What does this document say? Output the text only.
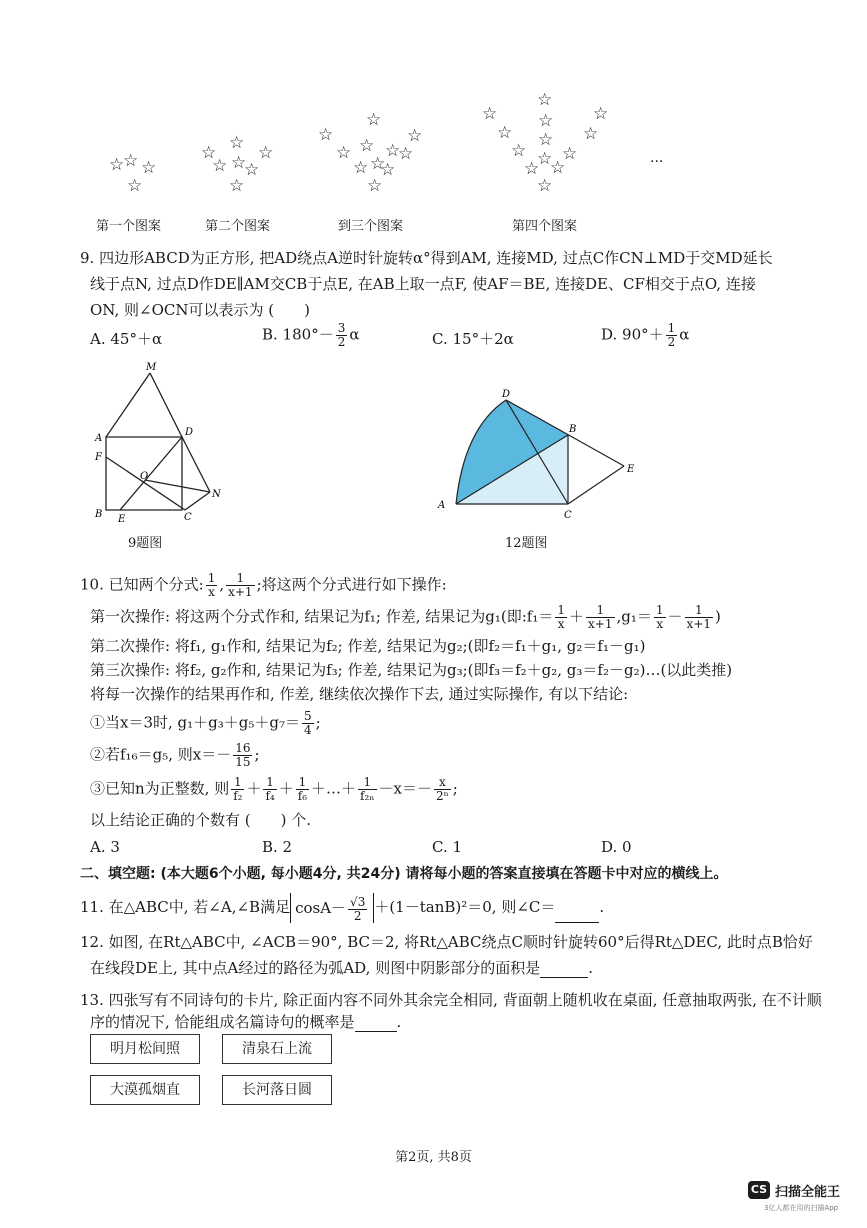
☆
☆ ☆
☆
☆ ☆ ☆
☆ ☆
☆
☆
☆
☆
☆
☆ ☆ ☆
☆
☆ ☆
☆
☆
☆
☆
☆
☆
☆
☆
☆
☆
☆
☆
☆
☆
☆
第一个图案	第二个图案	到三个图案	第四个图案
...
9. 四边形ABCD为正方形, 把AD绕点A逆时针旋转α°得到AM, 连接MD, 过点C作CN⊥MD于交MD延长
线于点N, 过点D作DE∥AM交CB于点E, 在AB上取一点F, 使AF＝BE, 连接DE、CF相交于点O, 连接
ON, 则∠OCN可以表示为 (　　)
A. 45°＋α	B. $180^\circ- \frac{3}{2}$ α	C. 15°＋2α	D. $90^\circ+ \frac{1}{2}$ α
M
A
D
F
O
N
B E	C
9题图
D
B
E
A
C
12题图
10. 已知两个分式: $\frac{1}{x}$ , $\frac{1}{x+1}$ ;将这两个分式进行如下操作:
第一次操作: 将这两个分式作和, 结果记为f₁; 作差, 结果记为g₁(即:f₁＝ $\frac{1}{x} + \frac{1}{x+1} ,g_1= \frac{1}{x} - \frac{1}{x+1}$ )
第二次操作: 将f₁, g₁作和, 结果记为f₂; 作差, 结果记为g₂;(即f₂＝f₁＋g₁, g₂＝f₁－g₁)
第三次操作: 将f₂, g₂作和, 结果记为f₃; 作差, 结果记为g₃;(即f₃＝f₂＋g₂, g₃＝f₂－g₂)…(以此类推)
将每一次操作的结果再作和, 作差, 继续依次操作下去, 通过实际操作, 有以下结论:
①当x＝3时, $g_1+g_3+g_5+g_7= \frac{5}{4}$ ;
②若f₁₆＝g₅, 则$x=- \frac{16}{15}$ ;
③已知n为正整数, 则 $\frac{1}{\text{f₂}} + \frac{1}{\text{f₄}} + \frac{1}{\text{f₆}}$ ＋…＋ $\frac{1}{\text{f₂ₙ}} -x=- \frac{x}{\text{2ⁿ}}$ ;
以上结论正确的个数有 (　　) 个.
A. 3	B. 2	C. 1	D. 0
二、填空题: (本大题6个小题, 每小题4分, 共24分) 请将每小题的答案直接填在答题卡中对应的横线上。
11. 在△ABC中, 若∠A,∠B满足 $\cos A- \frac{√3}{2} +(1-\tan B)^2=0$, 则∠C＝	.
12. 如图, 在Rt△ABC中, ∠ACB＝90°, BC＝2, 将Rt△ABC绕点C顺时针旋转60°后得Rt△DEC, 此时点B恰好
在线段DE上, 其中点A经过的路径为弧AD, 则图中阴影部分的面积是	.
13. 四张写有不同诗句的卡片, 除正面内容不同外其余完全相同, 背面朝上随机收在桌面, 任意抽取两张, 在不计顺
序的情况下, 恰能组成名篇诗句的概率是	.
明月松间照	清泉石上流
大漠孤烟直	长河落日圆
第2页, 共8页
CS 扫描全能王
3亿人都在用的扫描App
